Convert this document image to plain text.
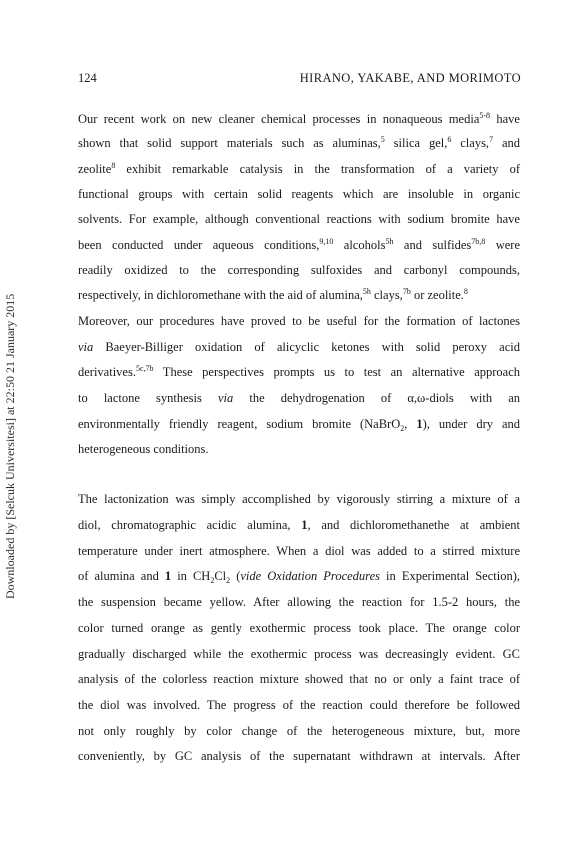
124	HIRANO, YAKABE, AND MORIMOTO
Downloaded by [Selcuk Universitesi] at 22:50 21 January 2015
Our recent work on new cleaner chemical processes in nonaqueous media$^{5-8}$ have
shown that solid support materials such as aluminas,$^5$ silica gel,$^6$ clays,$^7$ and
zeolite$^8$ exhibit remarkable catalysis in the transformation of a variety of
functional groups with certain solid reagents which are insoluble in organic
solvents. For example, although conventional reactions with sodium bromite have
been conducted under aqueous conditions,$^{9,10}$ alcohols$^{5h}$ and sulfides$^{7b,8}$ were
readily oxidized to the corresponding sulfoxides and carbonyl compounds,
respectively, in dichloromethane with the aid of alumina,$^{5h}$ clays,$^{7b}$ or zeolite.$^8$
Moreover, our procedures have proved to be useful for the formation of lactones
via Baeyer-Billiger oxidation of alicyclic ketones with solid peroxy acid
derivatives.$^{5c,7b}$ These perspectives prompts us to test an alternative approach
to lactone synthesis via the dehydrogenation of α,ω-diols with an
environmentally friendly reagent, sodium bromite (NaBrO$_2$, 1), under dry and
heterogeneous conditions.
The lactonization was simply accomplished by vigorously stirring a mixture of a
diol, chromatographic acidic alumina, 1, and dichloromethanethe at ambient
temperature under inert atmosphere. When a diol was added to a stirred mixture
of alumina and 1 in $CH_2Cl_2$ (vide Oxidation Procedures in Experimental Section),
the suspension became yellow. After allowing the reaction for 1.5-2 hours, the
color turned orange as gently exothermic process took place. The orange color
gradually discharged while the exothermic process was decreasingly evident. GC
analysis of the colorless reaction mixture showed that no or only a faint trace of
the diol was involved. The progress of the reaction could therefore be followed
not only roughly by color change of the heterogeneous mixture, but, more
conveniently, by GC analysis of the supernatant withdrawn at intervals. After
